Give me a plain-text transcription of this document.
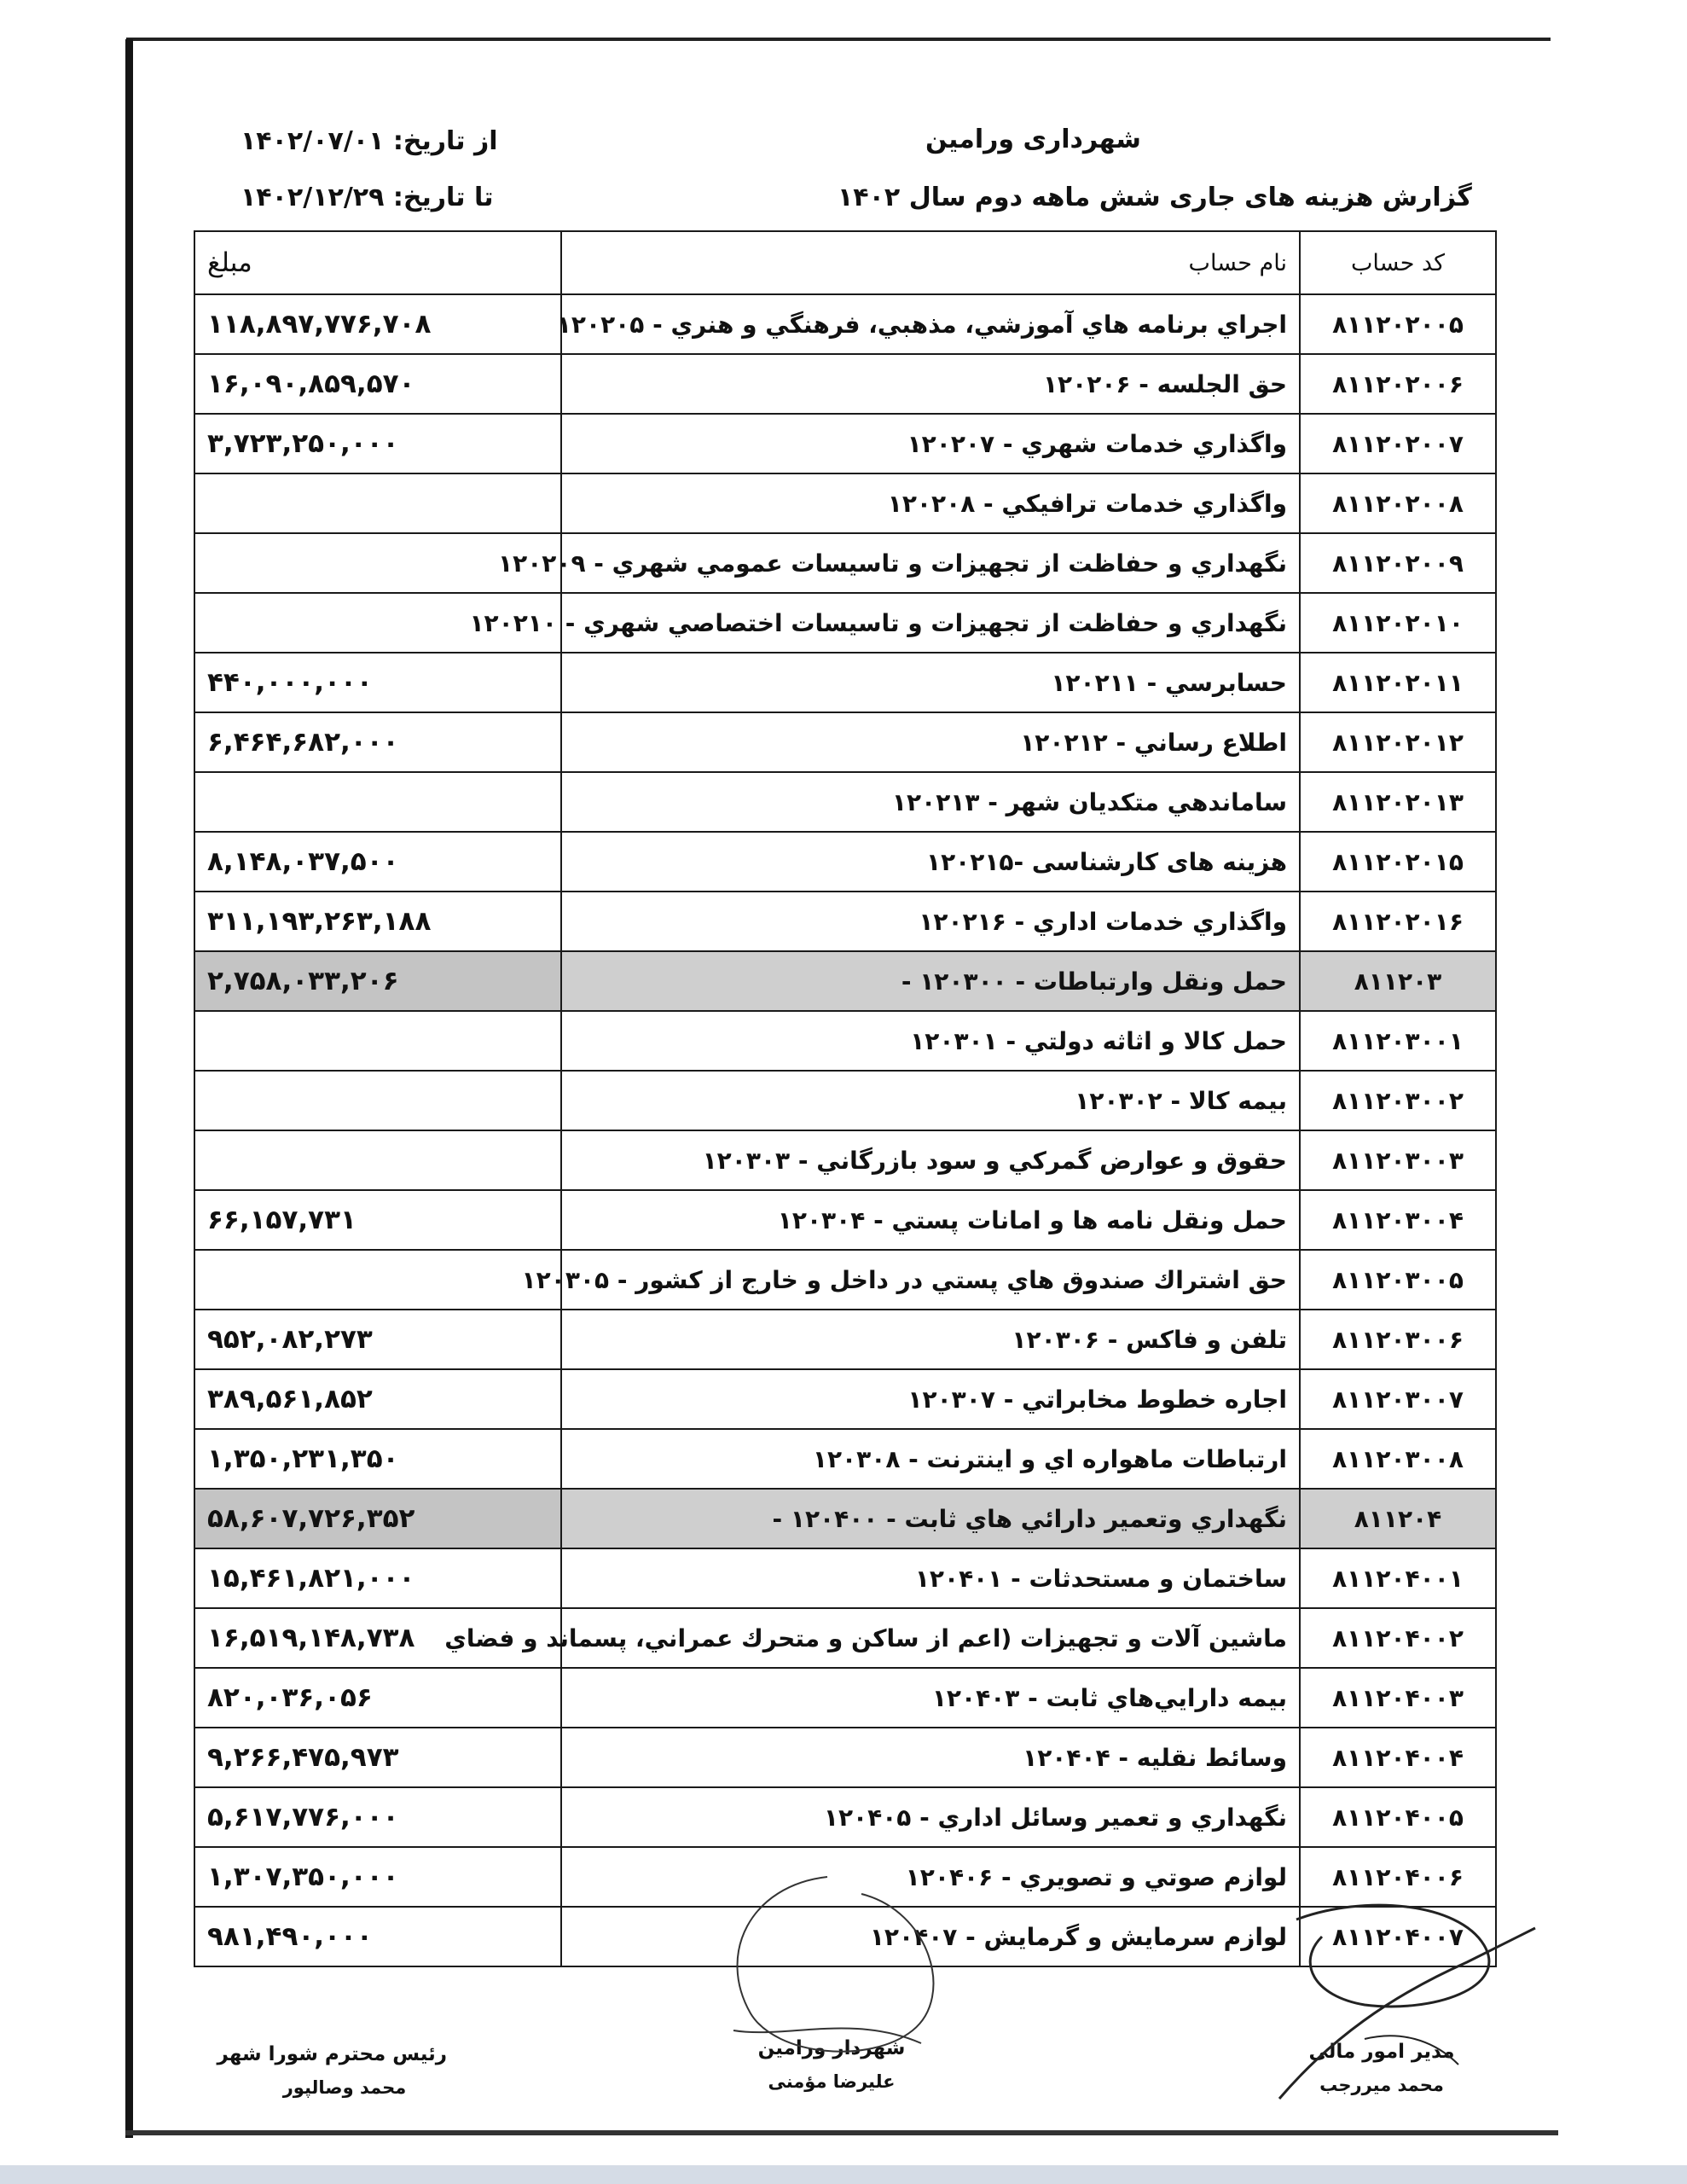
شهرداری ورامین
گزارش هزینه های جاری شش ماهه دوم سال ۱۴۰۲
از تاریخ: ۱۴۰۲/۰۷/۰۱
تا تاریخ: ۱۴۰۲/۱۲/۲۹
کد حساب	نام حساب	مبلغ
۸۱۱۲۰۲۰۰۵	اجراي برنامه هاي آموزشي، مذهبي، فرهنگي و هنري - ۱۲۰۲۰۵	۱۱۸,۸۹۷,۷۷۶,۷۰۸
۸۱۱۲۰۲۰۰۶	حق الجلسه - ۱۲۰۲۰۶	۱۶,۰۹۰,۸۵۹,۵۷۰
۸۱۱۲۰۲۰۰۷	واگذاري خدمات شهري - ۱۲۰۲۰۷	۳,۷۲۳,۲۵۰,۰۰۰
۸۱۱۲۰۲۰۰۸	واگذاري خدمات ترافيکي - ۱۲۰۲۰۸	
۸۱۱۲۰۲۰۰۹	نگهداري و حفاظت از تجهيزات و تاسيسات عمومي شهري - ۱۲۰۲۰۹	
۸۱۱۲۰۲۰۱۰	نگهداري و حفاظت از تجهيزات و تاسيسات اختصاصي شهري - ۱۲۰۲۱۰	
۸۱۱۲۰۲۰۱۱	حسابرسي - ۱۲۰۲۱۱	۴۴۰,۰۰۰,۰۰۰
۸۱۱۲۰۲۰۱۲	اطلاع رساني - ۱۲۰۲۱۲	۶,۴۶۴,۶۸۲,۰۰۰
۸۱۱۲۰۲۰۱۳	ساماندهي متکديان شهر - ۱۲۰۲۱۳	
۸۱۱۲۰۲۰۱۵	هزينه هاى کارشناسى -۱۲۰۲۱۵	۸,۱۴۸,۰۳۷,۵۰۰
۸۱۱۲۰۲۰۱۶	واگذاري خدمات اداري - ۱۲۰۲۱۶	۳۱۱,۱۹۳,۲۶۳,۱۸۸
۸۱۱۲۰۳	حمل ونقل وارتباطات - ۱۲۰۳۰۰ -	۲,۷۵۸,۰۳۳,۲۰۶
۸۱۱۲۰۳۰۰۱	حمل کالا و اثاثه دولتي - ۱۲۰۳۰۱	
۸۱۱۲۰۳۰۰۲	بيمه کالا - ۱۲۰۳۰۲	
۸۱۱۲۰۳۰۰۳	حقوق و عوارض گمرکي و سود بازرگاني - ۱۲۰۳۰۳	
۸۱۱۲۰۳۰۰۴	حمل ونقل نامه ها و امانات پستي - ۱۲۰۳۰۴	۶۶,۱۵۷,۷۳۱
۸۱۱۲۰۳۰۰۵	حق اشتراك صندوق هاي پستي در داخل و خارج از کشور - ۱۲۰۳۰۵	
۸۱۱۲۰۳۰۰۶	تلفن و فاکس - ۱۲۰۳۰۶	۹۵۲,۰۸۲,۲۷۳
۸۱۱۲۰۳۰۰۷	اجاره خطوط مخابراتي - ۱۲۰۳۰۷	۳۸۹,۵۶۱,۸۵۲
۸۱۱۲۰۳۰۰۸	ارتباطات ماهواره اي و اينترنت - ۱۲۰۳۰۸	۱,۳۵۰,۲۳۱,۳۵۰
۸۱۱۲۰۴	نگهداري وتعمير دارائي هاي ثابت - ۱۲۰۴۰۰ -	۵۸,۶۰۷,۷۲۶,۳۵۲
۸۱۱۲۰۴۰۰۱	ساختمان و مستحدثات - ۱۲۰۴۰۱	۱۵,۴۶۱,۸۲۱,۰۰۰
۸۱۱۲۰۴۰۰۲	ماشين آلات و تجهيزات (اعم از ساکن و متحرك عمراني، پسماند و فضاي	۱۶,۵۱۹,۱۴۸,۷۳۸
۸۱۱۲۰۴۰۰۳	بيمه دارايي‌هاي ثابت - ۱۲۰۴۰۳	۸۲۰,۰۳۶,۰۵۶
۸۱۱۲۰۴۰۰۴	وسائط نقليه - ۱۲۰۴۰۴	۹,۲۶۶,۴۷۵,۹۷۳
۸۱۱۲۰۴۰۰۵	نگهداري و تعمير وسائل اداري - ۱۲۰۴۰۵	۵,۶۱۷,۷۷۶,۰۰۰
۸۱۱۲۰۴۰۰۶	لوازم صوتي و تصويري - ۱۲۰۴۰۶	۱,۳۰۷,۳۵۰,۰۰۰
۸۱۱۲۰۴۰۰۷	لوازم سرمايش و گرمايش - ۱۲۰۴۰۷	۹۸۱,۴۹۰,۰۰۰
رئيس محترم شورا شهر
محمد وصالپور
شهردار ورامين
عليرضا مؤمنى
مدير امور مالى
محمد ميررجب
